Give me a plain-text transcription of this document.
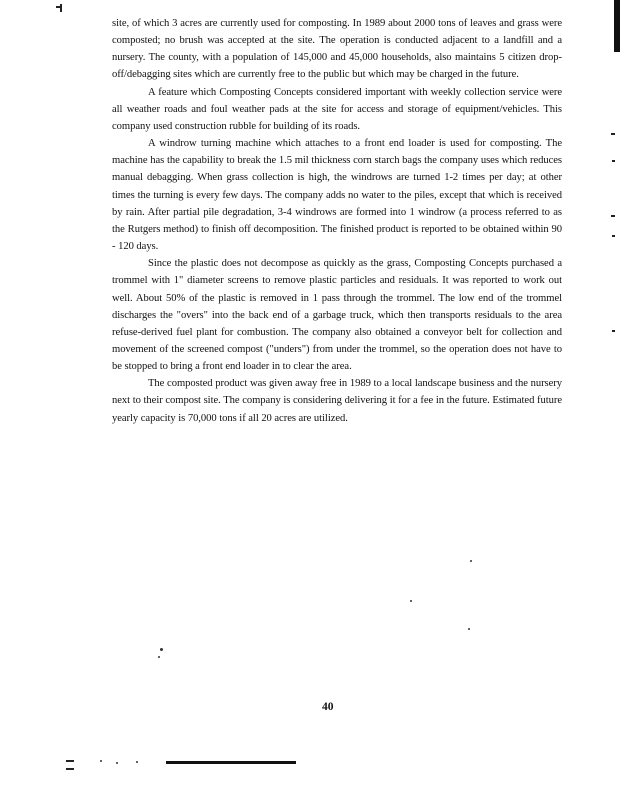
site, of which 3 acres are currently used for composting. In 1989 about 2000 tons of leaves and grass were composted; no brush was accepted at the site. The operation is conducted adjacent to a landfill and a nursery. The county, with a population of 145,000 and 45,000 households, also maintains 5 citizen drop-off/debagging sites which are currently free to the public but which may be charged in the future.

A feature which Composting Concepts considered important with weekly collection service were all weather roads and foul weather pads at the site for access and storage of equipment/vehicles. This company used construction rubble for building of its roads.

A windrow turning machine which attaches to a front end loader is used for composting. The machine has the capability to break the 1.5 mil thickness corn starch bags the company uses which reduces manual debagging. When grass collection is high, the windrows are turned 1-2 times per day; at other times the turning is every few days. The company adds no water to the piles, except that which is received by rain. After partial pile degradation, 3-4 windrows are formed into 1 windrow (a process referred to as the Rutgers method) to finish off decomposition. The finished product is reported to be obtained within 90 - 120 days.

Since the plastic does not decompose as quickly as the grass, Composting Concepts purchased a trommel with 1" diameter screens to remove plastic particles and residuals. It was reported to work out well. About 50% of the plastic is removed in 1 pass through the trommel. The low end of the trommel discharges the "overs" into the back end of a garbage truck, which then transports residuals to the area refuse-derived fuel plant for combustion. The company also obtained a conveyor belt for collection and movement of the screened compost ("unders") from under the trommel, so the operation does not have to be stopped to bring a front end loader in to clear the area.

The composted product was given away free in 1989 to a local landscape business and the nursery next to their compost site. The company is considering delivering it for a fee in the future. Estimated future yearly capacity is 70,000 tons if all 20 acres are utilized.

40
